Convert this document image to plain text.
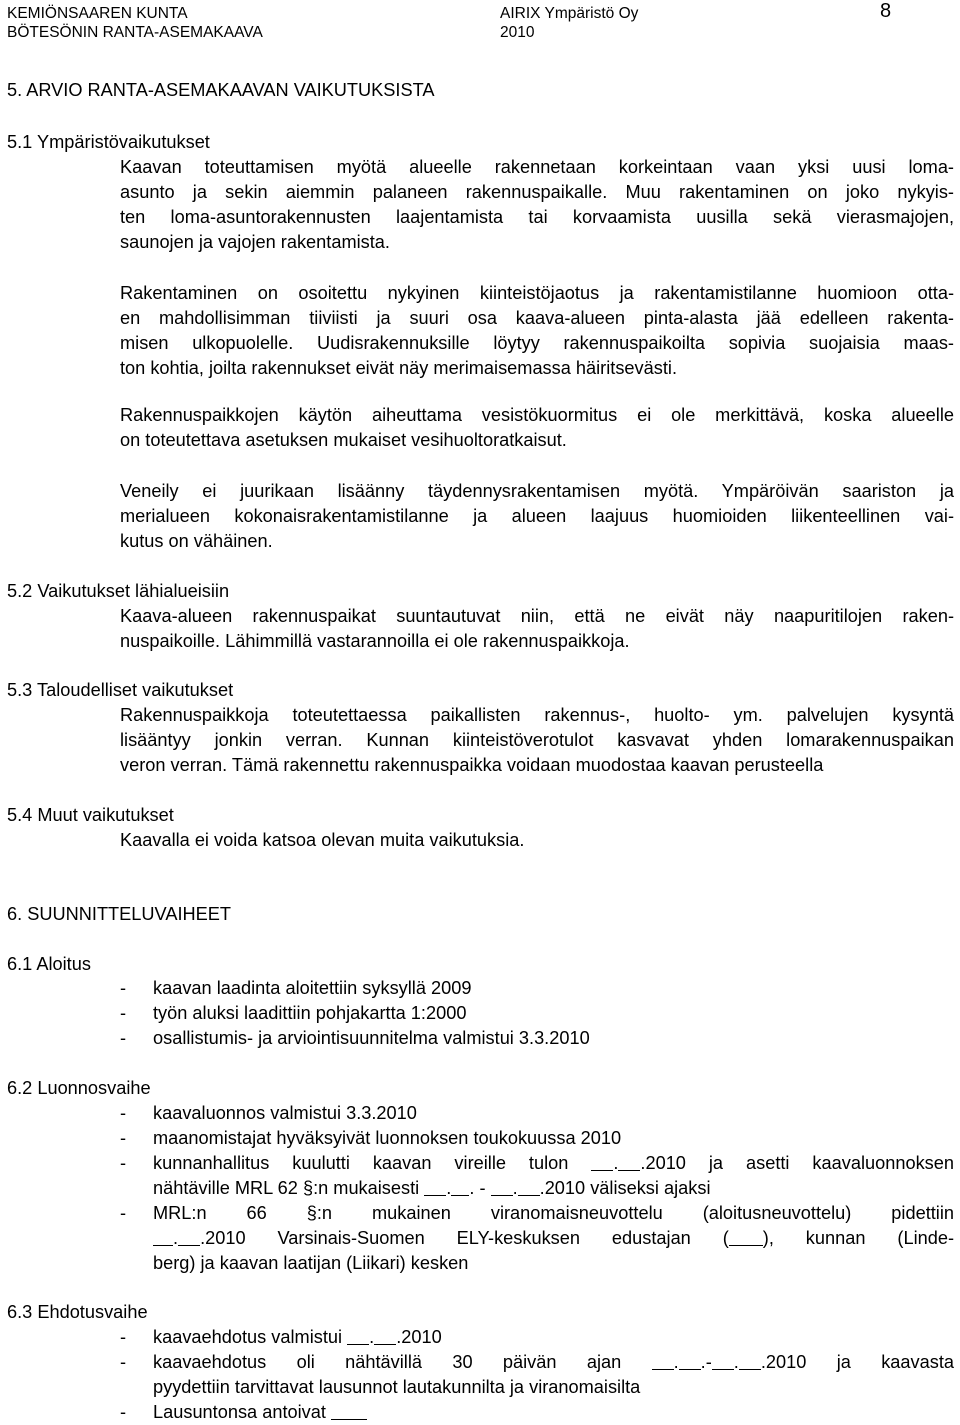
KEMIÖNSAAREN KUNTA
BÖTESÖNIN RANTA-ASEMAKAAVA
AIRIX Ympäristö Oy
2010
8
5. ARVIO RANTA-ASEMAKAAVAN VAIKUTUKSISTA
5.1 Ympäristövaikutukset
Kaavan toteuttamisen myötä alueelle rakennetaan korkeintaan vaan yksi uusi loma-
asunto ja sekin aiemmin palaneen rakennuspaikalle. Muu rakentaminen on joko nykyis-
ten loma-asuntorakennusten laajentamista tai korvaamista uusilla sekä vierasmajojen,
saunojen ja vajojen rakentamista.
Rakentaminen on osoitettu nykyinen kiinteistöjaotus ja rakentamistilanne huomioon otta-
en mahdollisimman tiiviisti ja suuri osa kaava-alueen pinta-alasta jää edelleen rakenta-
misen ulkopuolelle. Uudisrakennuksille löytyy rakennuspaikoilta sopivia suojaisia maas-
ton kohtia, joilta rakennukset eivät näy merimaisemassa häiritsevästi.
Rakennuspaikkojen käytön aiheuttama vesistökuormitus ei ole merkittävä, koska alueelle
on toteutettava asetuksen mukaiset vesihuoltoratkaisut.
Veneily ei juurikaan lisäänny täydennysrakentamisen myötä. Ympäröivän saariston ja
merialueen kokonaisrakentamistilanne ja alueen laajuus huomioiden liikenteellinen vai-
kutus on vähäinen.
5.2 Vaikutukset lähialueisiin
Kaava-alueen rakennuspaikat suuntautuvat niin, että ne eivät näy naapuritilojen raken-
nuspaikoille. Lähimmillä vastarannoilla ei ole rakennuspaikkoja.
5.3 Taloudelliset vaikutukset
Rakennuspaikkoja toteutettaessa paikallisten rakennus-, huolto- ym. palvelujen kysyntä
lisääntyy jonkin verran. Kunnan kiinteistöverotulot kasvavat yhden lomarakennuspaikan
veron verran. Tämä rakennettu rakennuspaikka voidaan muodostaa kaavan perusteella
5.4 Muut vaikutukset
Kaavalla ei voida katsoa olevan muita vaikutuksia.
6. SUUNNITTELUVAIHEET
6.1 Aloitus
- kaavan laadinta aloitettiin syksyllä 2009
- työn aluksi laadittiin pohjakartta 1:2000
- osallistumis- ja arviointisuunnitelma valmistui 3.3.2010
6.2 Luonnosvaihe
- kaavaluonnos valmistui 3.3.2010
- maanomistajat hyväksyivät luonnoksen toukokuussa 2010
- kunnanhallitus kuulutti kaavan vireille tulon . .2010 ja asetti kaavaluonnoksen
nähtäville MRL 62 §:n mukaisesti . . - . .2010 väliseksi ajaksi
- MRL:n 66 §:n mukainen viranomaisneuvottelu (aloitusneuvottelu) pidettiin
. .2010 Varsinais-Suomen ELY-keskuksen edustajan ( ), kunnan (Linde-
berg) ja kaavan laatijan (Liikari) kesken
6.3 Ehdotusvaihe
- kaavaehdotus valmistui . .2010
- kaavaehdotus oli nähtävillä 30 päivän ajan	. .- . .2010 ja kaavasta
pyydettiin tarvittavat lausunnot lautakunnilta ja viranomaisilta
- Lausuntonsa antoivat
